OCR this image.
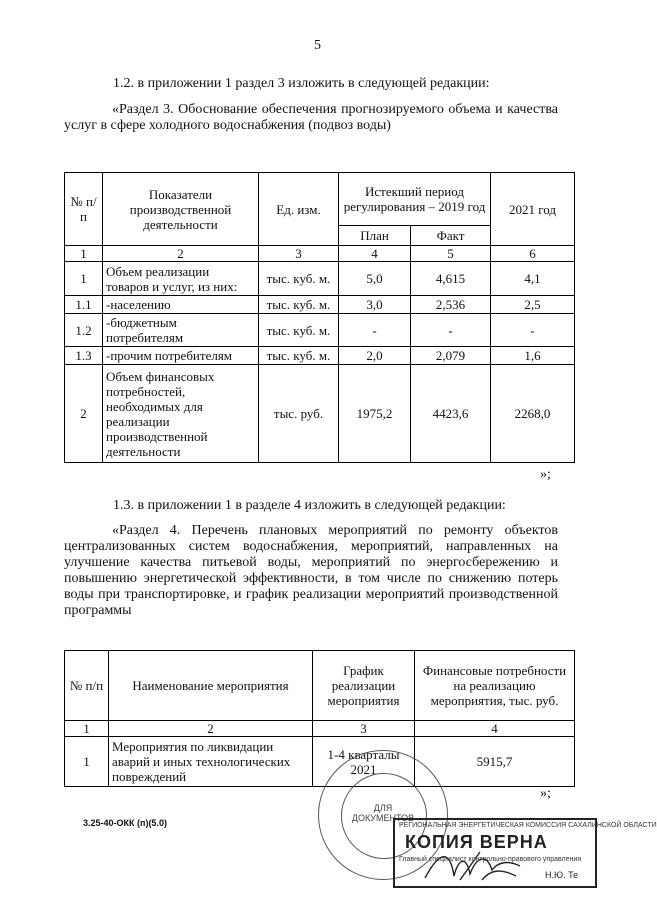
5
1.2. в приложении 1 раздел 3 изложить в следующей редакции:
«Раздел 3. Обоснование обеспечения прогнозируемого объема и качества услуг в сфере холодного водоснабжения (подвоз воды)
№ п/п	Показатели производственной деятельности	Ед. изм.	Истекший период регулирования – 2019 год		2021 год
			План	Факт	
1	2	3	4	5	6
1	Объем реализации товаров и услуг, из них:	тыс. куб. м.	5,0	4,615	4,1
1.1	-населению	тыс. куб. м.	3,0	2,536	2,5
1.2	-бюджетным потребителям	тыс. куб. м.	-	-	-
1.3	-прочим потребителям	тыс. куб. м.	2,0	2,079	1,6
2	Объем финансовых потребностей, необходимых для реализации производственной деятельности	тыс. руб.	1975,2	4423,6	2268,0
»;
1.3. в приложении 1 в разделе 4 изложить в следующей редакции:
«Раздел 4. Перечень плановых мероприятий по ремонту объектов централизованных систем водоснабжения, мероприятий, направленных на улучшение качества питьевой воды, мероприятий по энергосбережению и повышению энергетической эффективности, в том числе по снижению потерь воды при транспортировке, и график реализации мероприятий производственной программы
№ п/п	Наименование мероприятия	График реализации мероприятия	Финансовые потребности на реализацию мероприятия, тыс. руб.
1	2	3	4
1	Мероприятия по ликвидации аварий и иных технологических повреждений	1-4 кварталы 2021	5915,7
»;
3.25-40-ОКК (п)(5.0)
ДЛЯ ДОКУМЕНТОВ
РЕГИОНАЛЬНАЯ ЭНЕРГЕТИЧЕСКАЯ КОМИССИЯ САХАЛИНСКОЙ ОБЛАСТИ
КОПИЯ ВЕРНА
Главный специалист контрольно-правового управления
Н.Ю. Те
